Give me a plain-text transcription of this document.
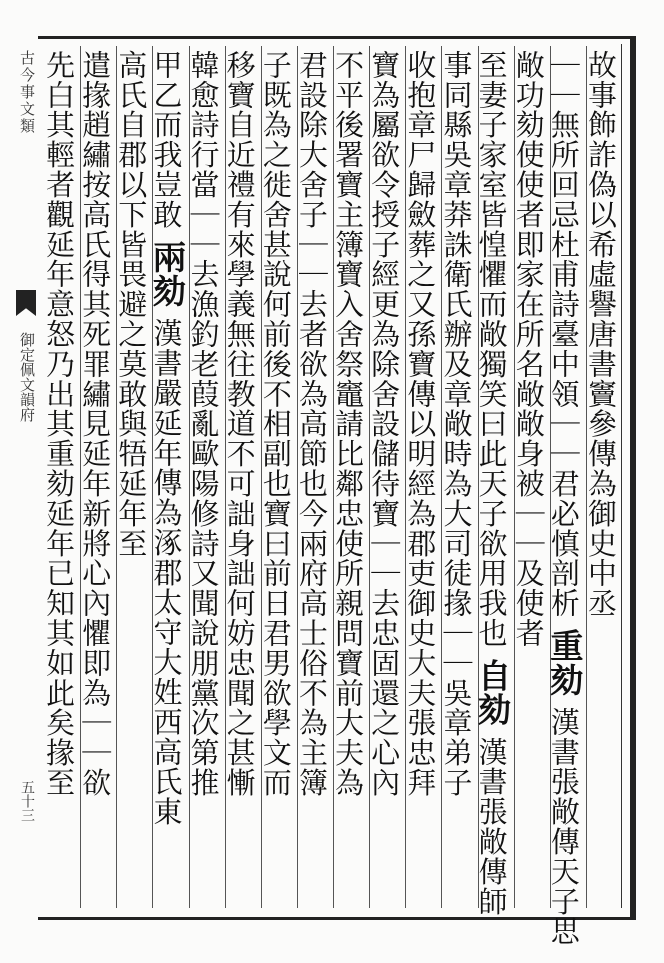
古今事文類
御定佩文韻府
五十三
故事飾詐偽以希虛譽唐書竇參傳為御史中丞
｜｜無所回忌杜甫詩臺中領｜｜君必慎剖析 重劾 漢書張敞傳天子思
敞功劾使使者即家在所名敞敞身被｜｜及使者
至妻子家室皆惶懼而敞獨笑曰此天子欲用我也 自劾 漢書張敞傳師
事同縣吳章莽誅衛氏辦及章敞時為大司徒掾｜｜吳章弟子
收抱章尸歸斂葬之又孫寶傳以明經為郡吏御史大夫張忠拜
寶為屬欲令授子經更為除舍設儲待寶｜｜去忠固還之心內
不平後署寶主簿寶入舍祭竈請比鄰忠使所親問寶前大夫為
君設除大舍子｜｜去者欲為高節也今兩府高士俗不為主簿
子既為之徙舍甚說何前後不相副也寶曰前日君男欲學文而
移寶自近禮有來學義無往教道不可詘身詘何妨忠聞之甚慚
韓愈詩行當｜｜去漁釣老葭亂歐陽修詩又聞說朋黨次第推
甲乙而我豈敢 兩劾 漢書嚴延年傳為涿郡太守大姓西高氏東
高氏自郡以下皆畏避之莫敢與牾延年至
遣掾趙繡按高氏得其死罪繡見延年新將心內懼即為｜｜欲
先白其輕者觀延年意怒乃出其重劾延年已知其如此矣掾至
